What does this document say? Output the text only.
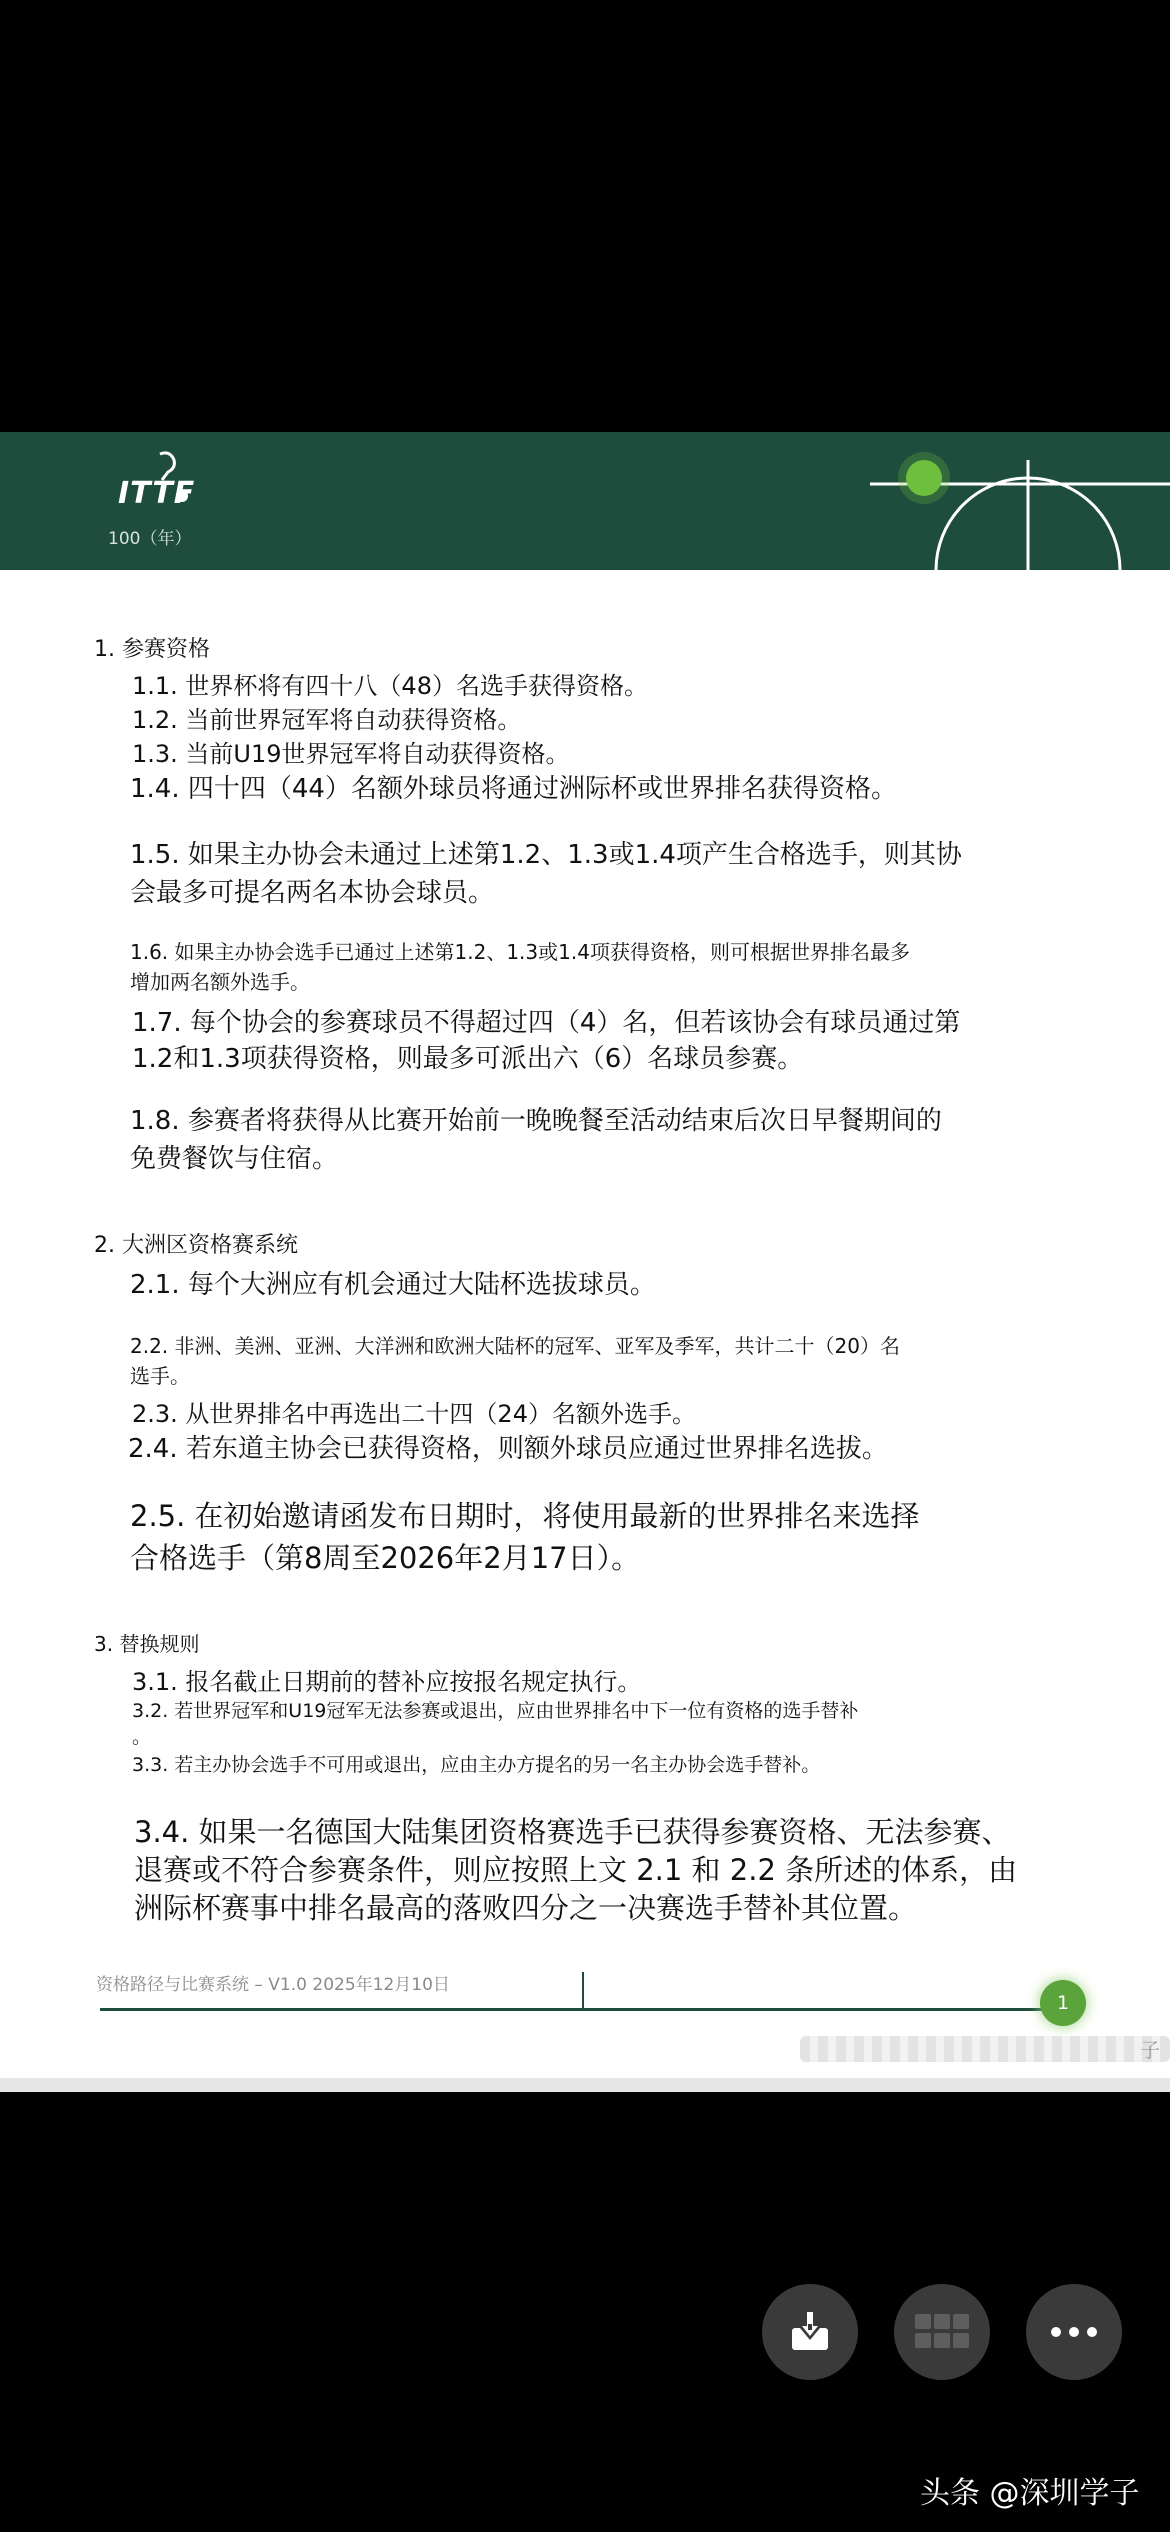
ITTF
100（年）
1. 参赛资格
1.1. 世界杯将有四十八（48）名选手获得资格。
1.2. 当前世界冠军将自动获得资格。
1.3. 当前U19世界冠军将自动获得资格。
1.4. 四十四（44）名额外球员将通过洲际杯或世界排名获得资格。
1.5. 如果主办协会未通过上述第1.2、1.3或1.4项产生合格选手，则其协
会最多可提名两名本协会球员。
1.6. 如果主办协会选手已通过上述第1.2、1.3或1.4项获得资格，则可根据世界排名最多
增加两名额外选手。
1.7. 每个协会的参赛球员不得超过四（4）名，但若该协会有球员通过第
1.2和1.3项获得资格，则最多可派出六（6）名球员参赛。
1.8. 参赛者将获得从比赛开始前一晚晚餐至活动结束后次日早餐期间的
免费餐饮与住宿。
2. 大洲区资格赛系统
2.1. 每个大洲应有机会通过大陆杯选拔球员。
2.2. 非洲、美洲、亚洲、大洋洲和欧洲大陆杯的冠军、亚军及季军，共计二十（20）名
选手。
2.3. 从世界排名中再选出二十四（24）名额外选手。
2.4. 若东道主协会已获得资格，则额外球员应通过世界排名选拔。
2.5. 在初始邀请函发布日期时，将使用最新的世界排名来选择
合格选手（第8周至2026年2月17日）。
3. 替换规则
3.1. 报名截止日期前的替补应按报名规定执行。
3.2. 若世界冠军和U19冠军无法参赛或退出，应由世界排名中下一位有资格的选手替补
。
3.3. 若主办协会选手不可用或退出，应由主办方提名的另一名主办协会选手替补。
3.4. 如果一名德国大陆集团资格赛选手已获得参赛资格、无法参赛、
退赛或不符合参赛条件，则应按照上文 2.1 和 2.2 条所述的体系，由
洲际杯赛事中排名最高的落败四分之一决赛选手替补其位置。
资格路径与比赛系统 – V1.0 2025年12月10日
1
子
头条 @深圳学子
